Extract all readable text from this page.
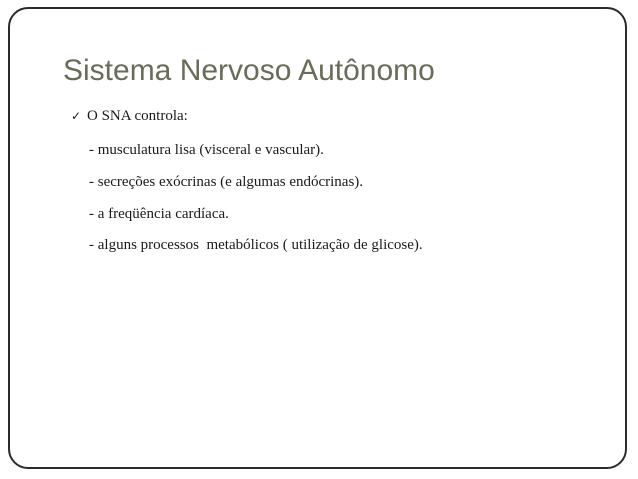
Sistema Nervoso Autônomo
✓ O SNA controla:
- musculatura lisa (visceral e vascular).
- secreções exócrinas (e algumas endócrinas).
- a freqüência cardíaca.
- alguns processos  metabólicos ( utilização de glicose).
